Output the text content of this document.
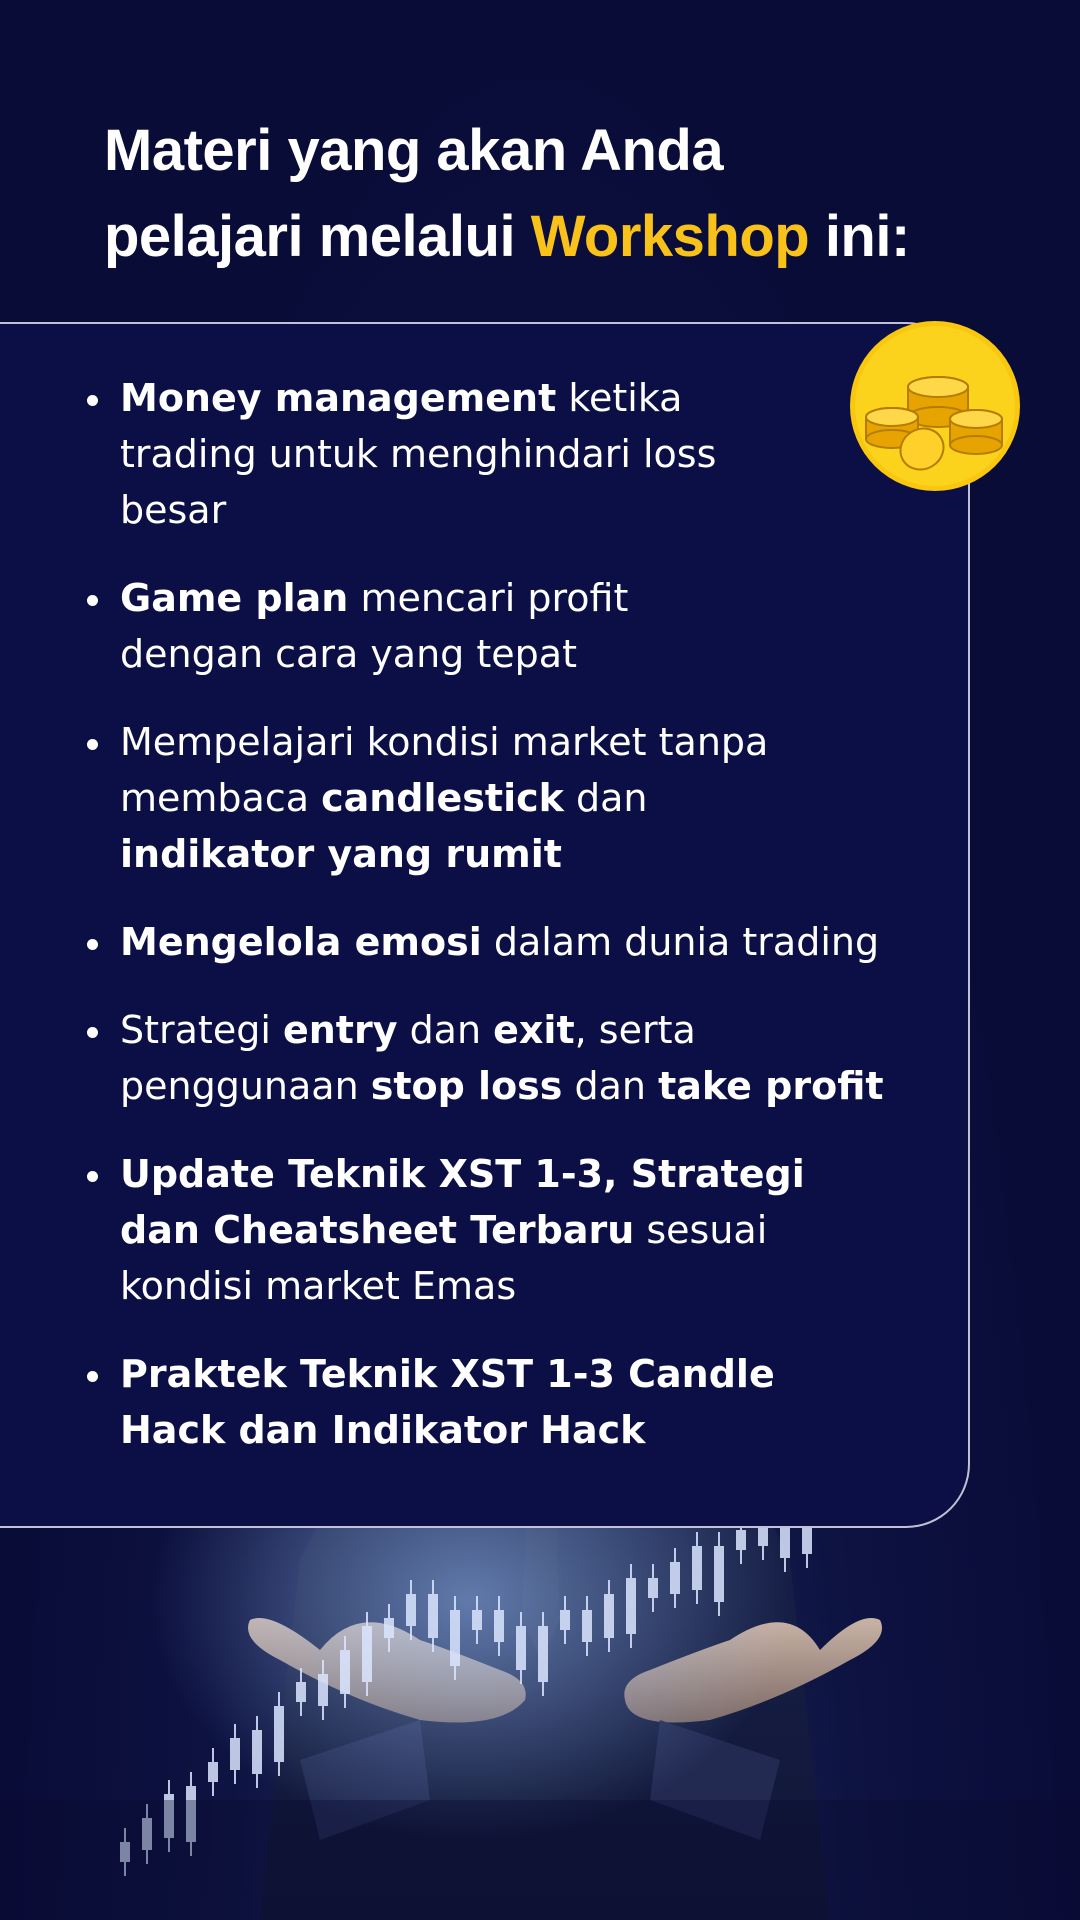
Materi yang akan Anda
pelajari melalui Workshop ini:
Money management ketika
trading untuk menghindari loss
besar
Game plan mencari profit
dengan cara yang tepat
Mempelajari kondisi market tanpa
membaca candlestick dan
indikator yang rumit
Mengelola emosi dalam dunia trading
Strategi entry dan exit, serta
penggunaan stop loss dan take profit
Update Teknik XST 1-3, Strategi
dan Cheatsheet Terbaru sesuai
kondisi market Emas
Praktek Teknik XST 1-3 Candle
Hack dan Indikator Hack
